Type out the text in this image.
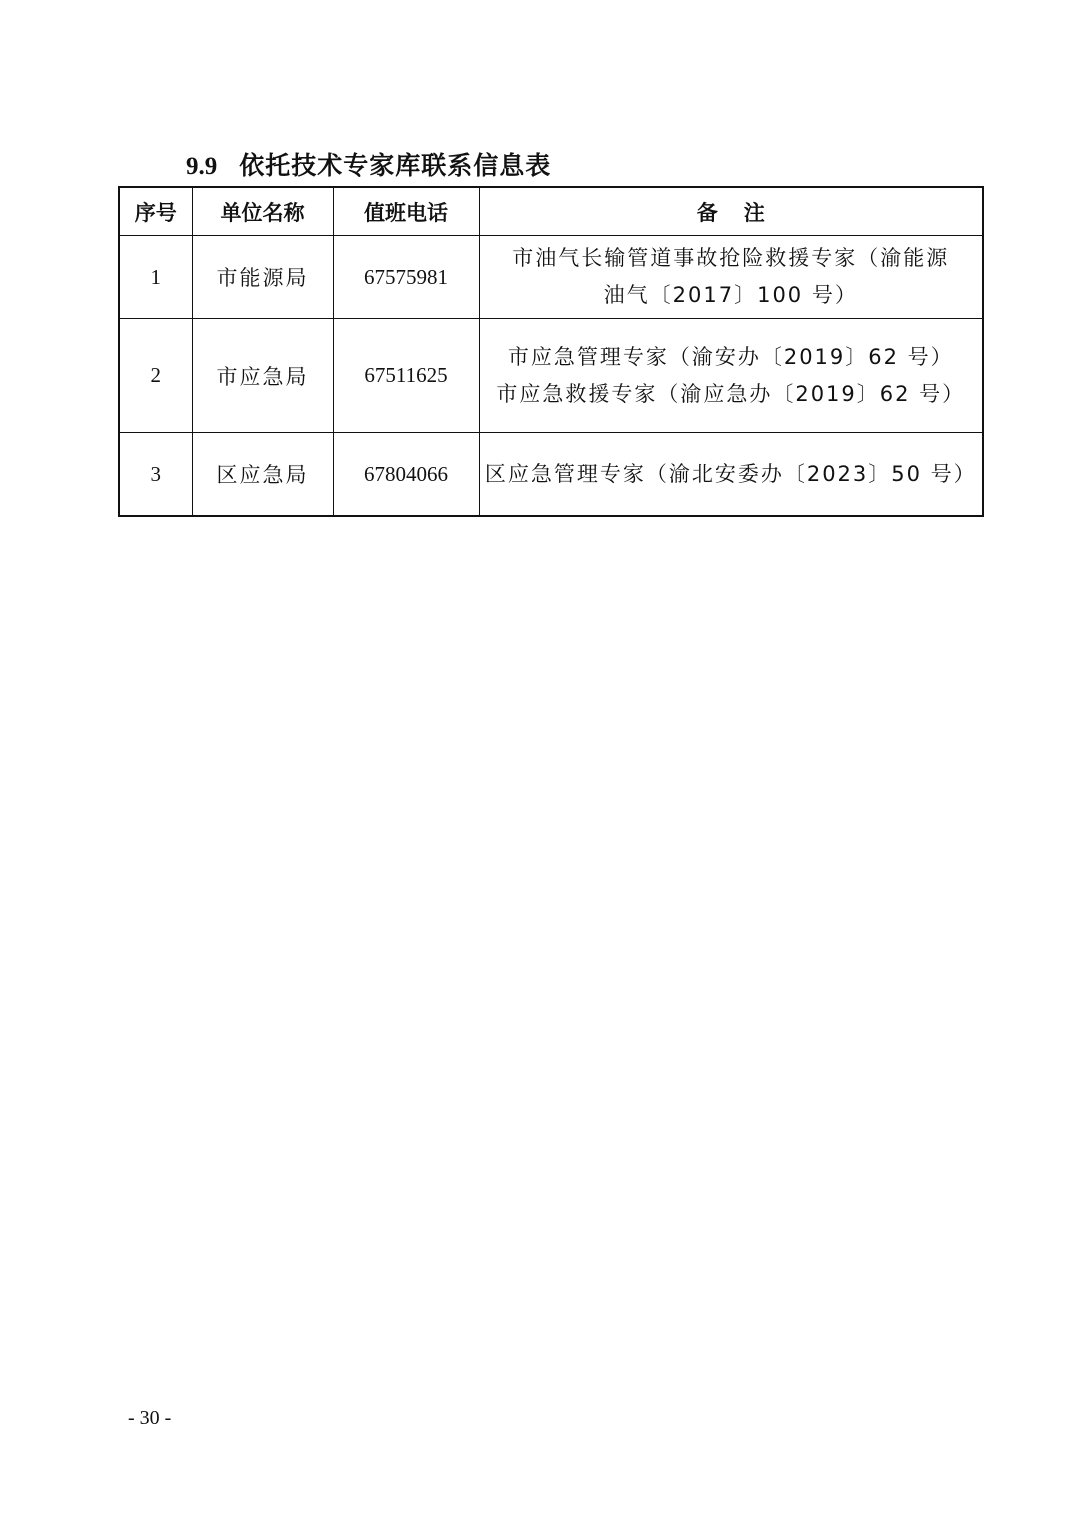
9.9 依托技术专家库联系信息表
序号	单位名称	值班电话	备注
1	市能源局	67575981	市油气长输管道事故抢险救援专家（渝能源
油气〔2017〕100 号）

2	市应急局	67511625	市应急管理专家（渝安办〔2019〕62 号）
市应急救援专家（渝应急办〔2019〕62 号）

3	区应急局	67804066	区应急管理专家（渝北安委办〔2023〕50 号）
- 30 -
